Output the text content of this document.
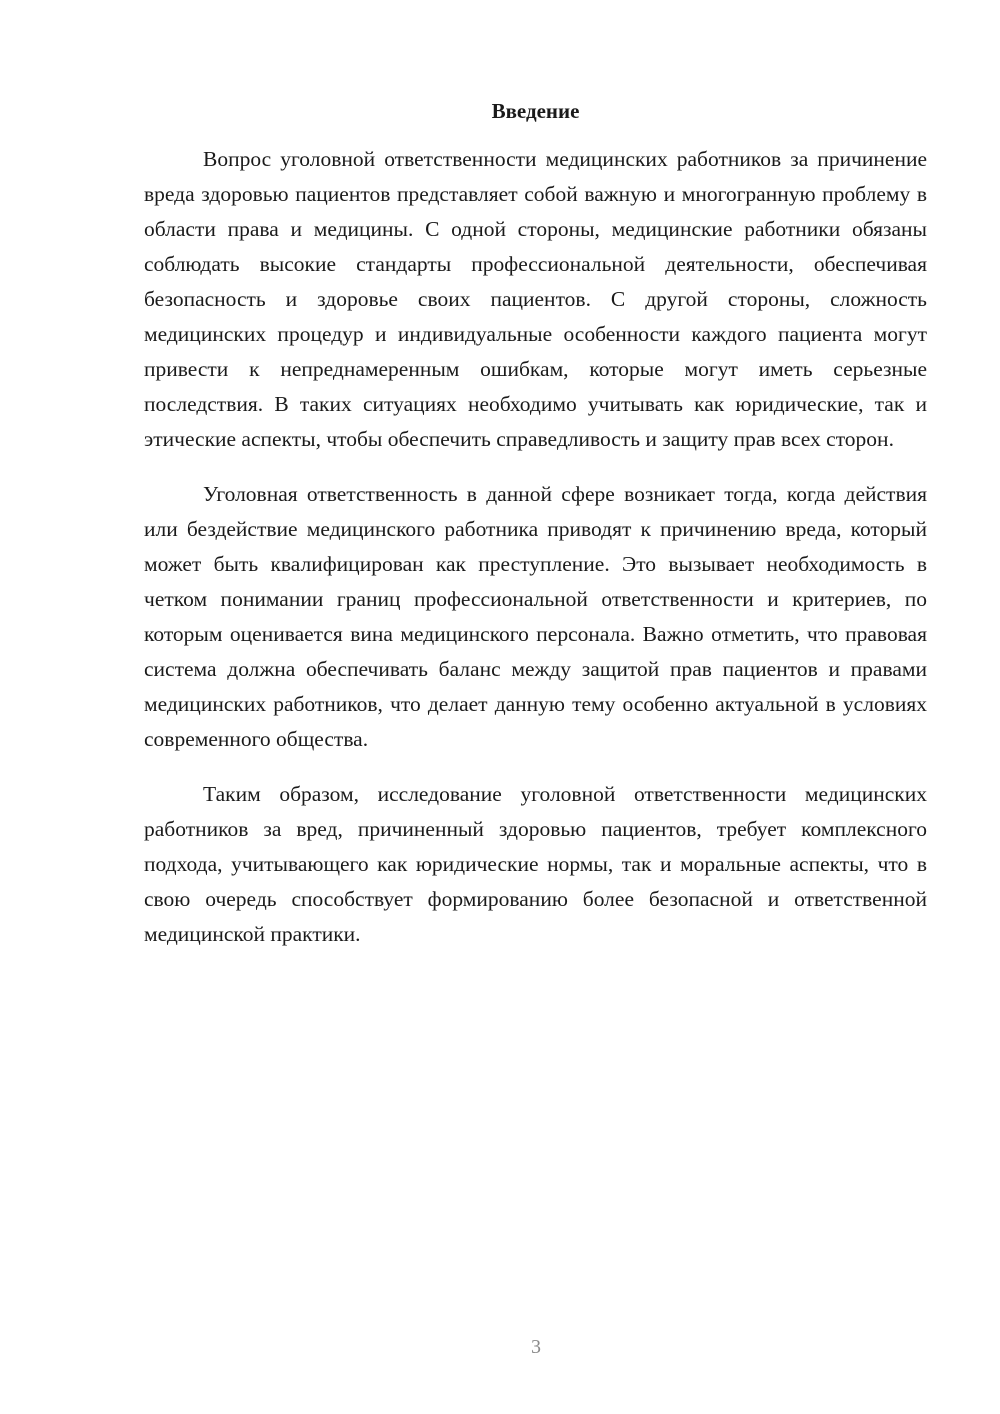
Введение

Вопрос уголовной ответственности медицинских работников за причинение вреда здоровью пациентов представляет собой важную и многогранную проблему в области права и медицины. С одной стороны, медицинские работники обязаны соблюдать высокие стандарты профессиональной деятельности, обеспечивая безопасность и здоровье своих пациентов. С другой стороны, сложность медицинских процедур и индивидуальные особенности каждого пациента могут привести к непреднамеренным ошибкам, которые могут иметь серьезные последствия. В таких ситуациях необходимо учитывать как юридические, так и этические аспекты, чтобы обеспечить справедливость и защиту прав всех сторон.

Уголовная ответственность в данной сфере возникает тогда, когда действия или бездействие медицинского работника приводят к причинению вреда, который может быть квалифицирован как преступление. Это вызывает необходимость в четком понимании границ профессиональной ответственности и критериев, по которым оценивается вина медицинского персонала. Важно отметить, что правовая система должна обеспечивать баланс между защитой прав пациентов и правами медицинских работников, что делает данную тему особенно актуальной в условиях современного общества.

Таким образом, исследование уголовной ответственности медицинских работников за вред, причиненный здоровью пациентов, требует комплексного подхода, учитывающего как юридические нормы, так и моральные аспекты, что в свою очередь способствует формированию более безопасной и ответственной медицинской практики.

3
